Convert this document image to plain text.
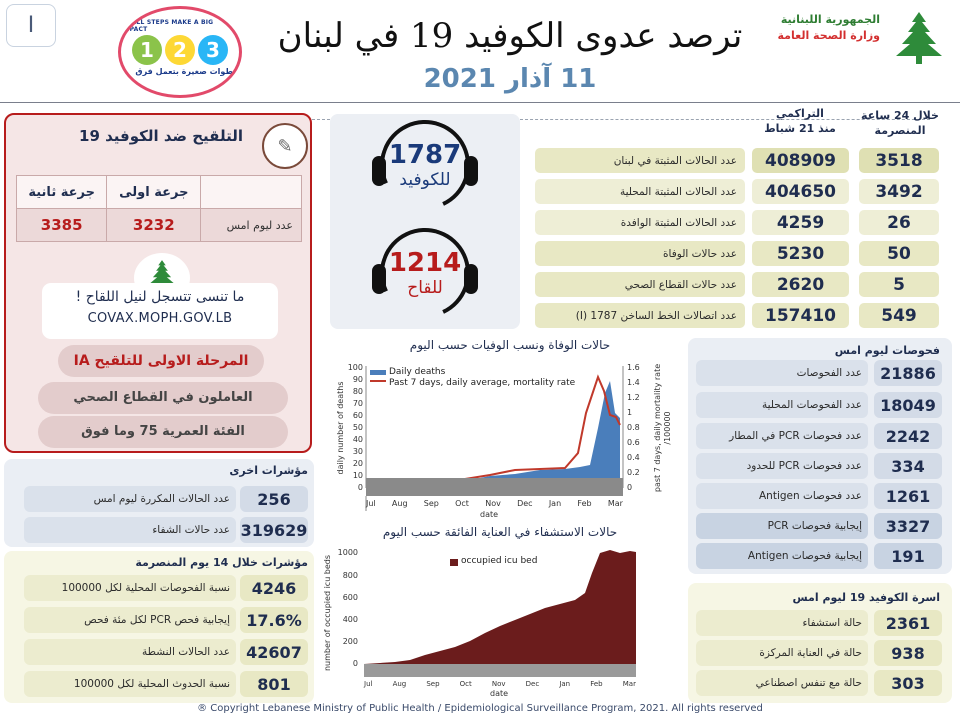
I	SMALL STEPS MAKE A BIG IMPACT
1 2 3
خطوات صغيرة بتعمل فرق كبير
ترصد عدوى الكوفيد 19 في لبنان
11 آذار 2021
الجمهورية اللبنانية
وزارة الصحة العامة
التلقيح ضد الكوفيد 19	✎
جرعة ثانية	جرعة اولى	
3385	3232	عدد ليوم امس
ما تنسى تتسجل لنيل اللقاح !
COVAX.MOPH.GOV.LB
المرحلة الاولى للتلقيح IA
العاملون في القطاع الصحي
الفئة العمرية 75 وما فوق
مؤشرات اخرى
عدد الحالات المكررة ليوم امس	256
عدد حالات الشفاء 319629
مؤشرات خلال 14 يوم المنصرمة
نسبة الفحوصات المحلية لكل 100000	4246
إيجابية فحص PCR لكل مئة فحص	17.6%
عدد الحالات النشطة	42607
نسبة الحدوث المحلية لكل 100000	801
1787
للكوفيد
1214
للقاح
خلال 24 ساعة المنصرمة
التراكمي
منذ 21 شباط
عدد الحالات المثبتة في لبنان	408909	3518
عدد الحالات المثبتة المحلية	404650	3492
عدد الحالات المثبتة الوافدة	4259	26
عدد حالات الوفاة	5230	50
عدد حالات القطاع الصحي	2620	5
عدد اتصالات الخط الساخن 1787 (I)	157410	549
فحوصات ليوم امس
عدد الفحوصات	21886
عدد الفحوصات المحلية	18049
عدد فحوصات PCR في المطار	2242
عدد فحوصات PCR للحدود	334
عدد فحوصات Antigen	1261
إيجابية فحوصات PCR	3327
إيجابية فحوصات Antigen	191
اسرة الكوفيد 19 ليوم امس
حالة استشفاء	2361
حالة في العناية المركزة	938
حالة مع تنفس اصطناعي	303
حالات الوفاة ونسب الوفيات حسب اليوم
100
90
80
70
60
50
40
30
20
10
0
1.6
1.4
1.2
1
0.8
0.6
0.4
0.2
0
daily number of deaths	past 7 days, daily mortality rate /100000
Daily deaths
Past 7 days, daily average, mortality rate
Jul Aug Sep Oct Nov Dec Jan Feb Mar
date
حالات الاستشفاء في العناية الفائقة حسب اليوم
1000
800
600
400
200
0
number of occupied icu beds	occupied icu bed
Jul	Aug	Sep	Oct	Nov	Dec	Jan	Feb	Mar
date
® Copyright Lebanese Ministry of Public Health / Epidemiological Surveillance Program, 2021. All rights reserved
